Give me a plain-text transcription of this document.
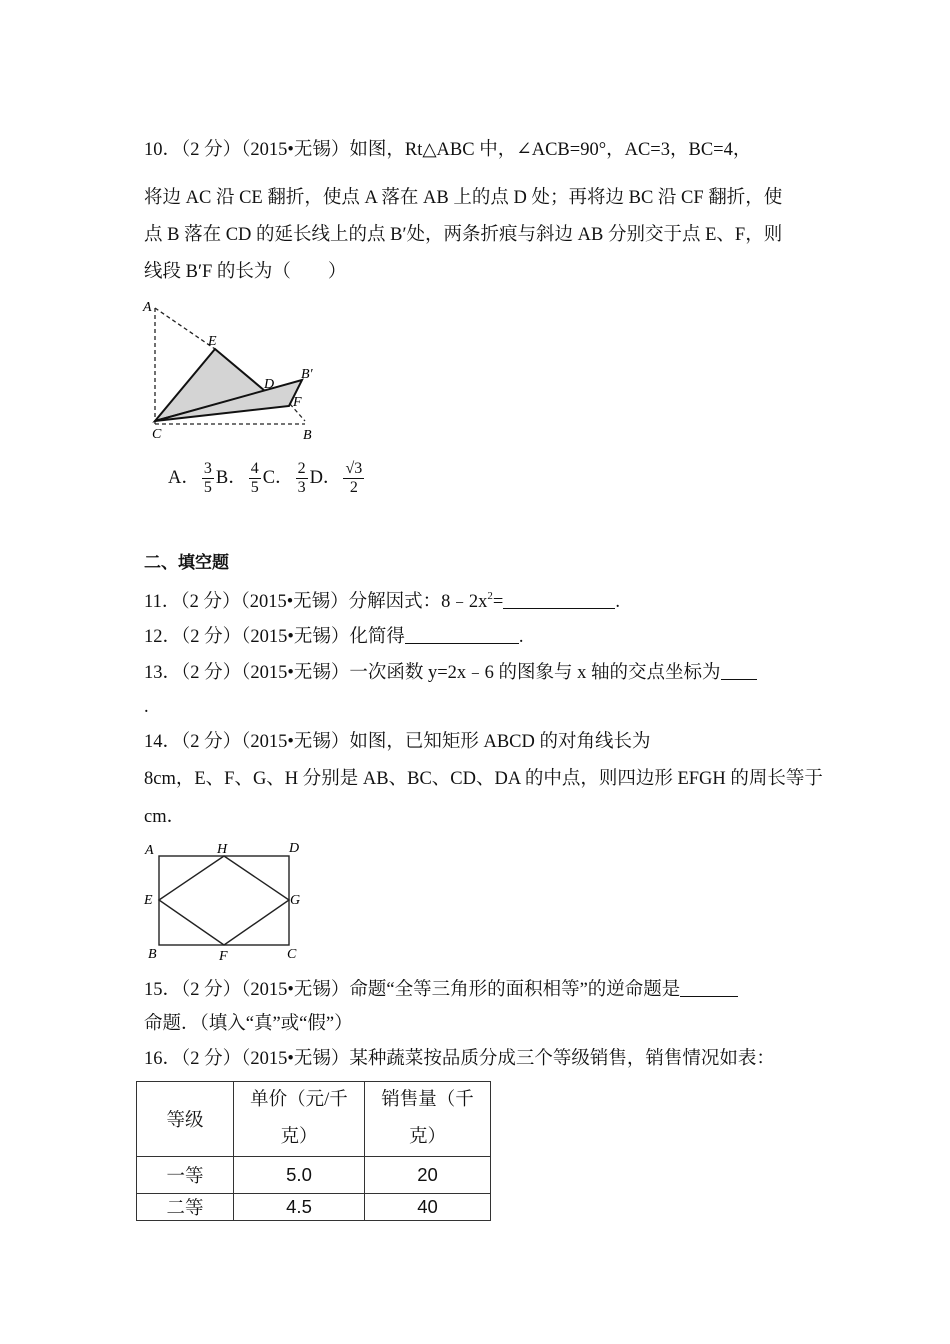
10．（2 分）（2015•无锡）如图，Rt△ABC 中，∠ACB=90°，AC=3，BC=4，
将边 AC 沿 CE 翻折，使点 A 落在 AB 上的点 D 处；再将边 BC 沿 CF 翻折，使
点 B 落在 CD 的延长线上的点 B′处，两条折痕与斜边 AB 分别交于点 E、F，则
线段 B′F 的长为（　　）
A
E
D
B′
F
C	B
A． $\frac{3}{5}$ B． $\frac{4}{5}$ C． $\frac{2}{3}$ D． $\frac{√3}{2}$
二、填空题
11．（2 分）（2015•无锡）分解因式：$8﹣2x^2=$	.
12．（2 分）（2015•无锡）化简得	.
13．（2 分）（2015•无锡）一次函数 y=2x﹣6 的图象与 x 轴的交点坐标为
.
14．（2 分）（2015•无锡）如图，已知矩形 ABCD 的对角线长为
8cm，E、F、G、H 分别是 AB、BC、CD、DA 的中点，则四边形 EFGH 的周长等于
cm．
A	H	D
E	G
B	F	C
15．（2 分）（2015•无锡）命题“全等三角形的面积相等”的逆命题是
命题．（填入“真”或“假”）
16．（2 分）（2015•无锡）某种蔬菜按品质分成三个等级销售，销售情况如表：
等级	单价（元/千
克）	销售量（千
克）
一等	5.0	20
二等	4.5	40
